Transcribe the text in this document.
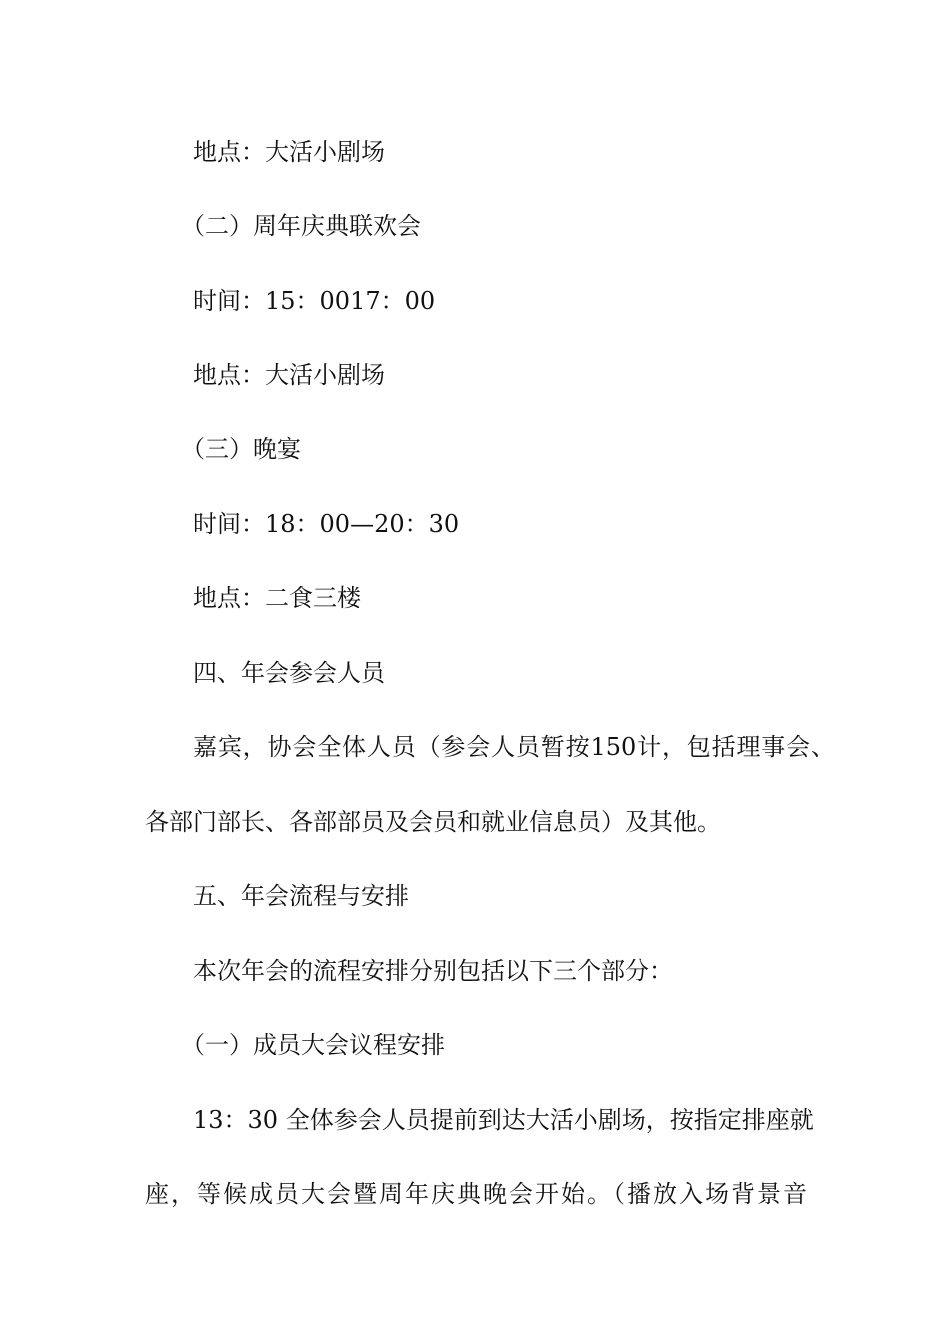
地点：大活小剧场
（二）周年庆典联欢会
时间：15：0017：00
地点：大活小剧场
（三）晚宴
时间：18：00—20：30
地点：二食三楼
四、年会参会人员
嘉宾，协会全体人员（参会人员暂按150计，包括理事会、
各部门部长、各部部员及会员和就业信息员）及其他。
五、年会流程与安排
本次年会的流程安排分别包括以下三个部分：
（一）成员大会议程安排
13：30 全体参会人员提前到达大活小剧场，按指定排座就
座，等候成员大会暨周年庆典晚会开始。（播放入场背景音
